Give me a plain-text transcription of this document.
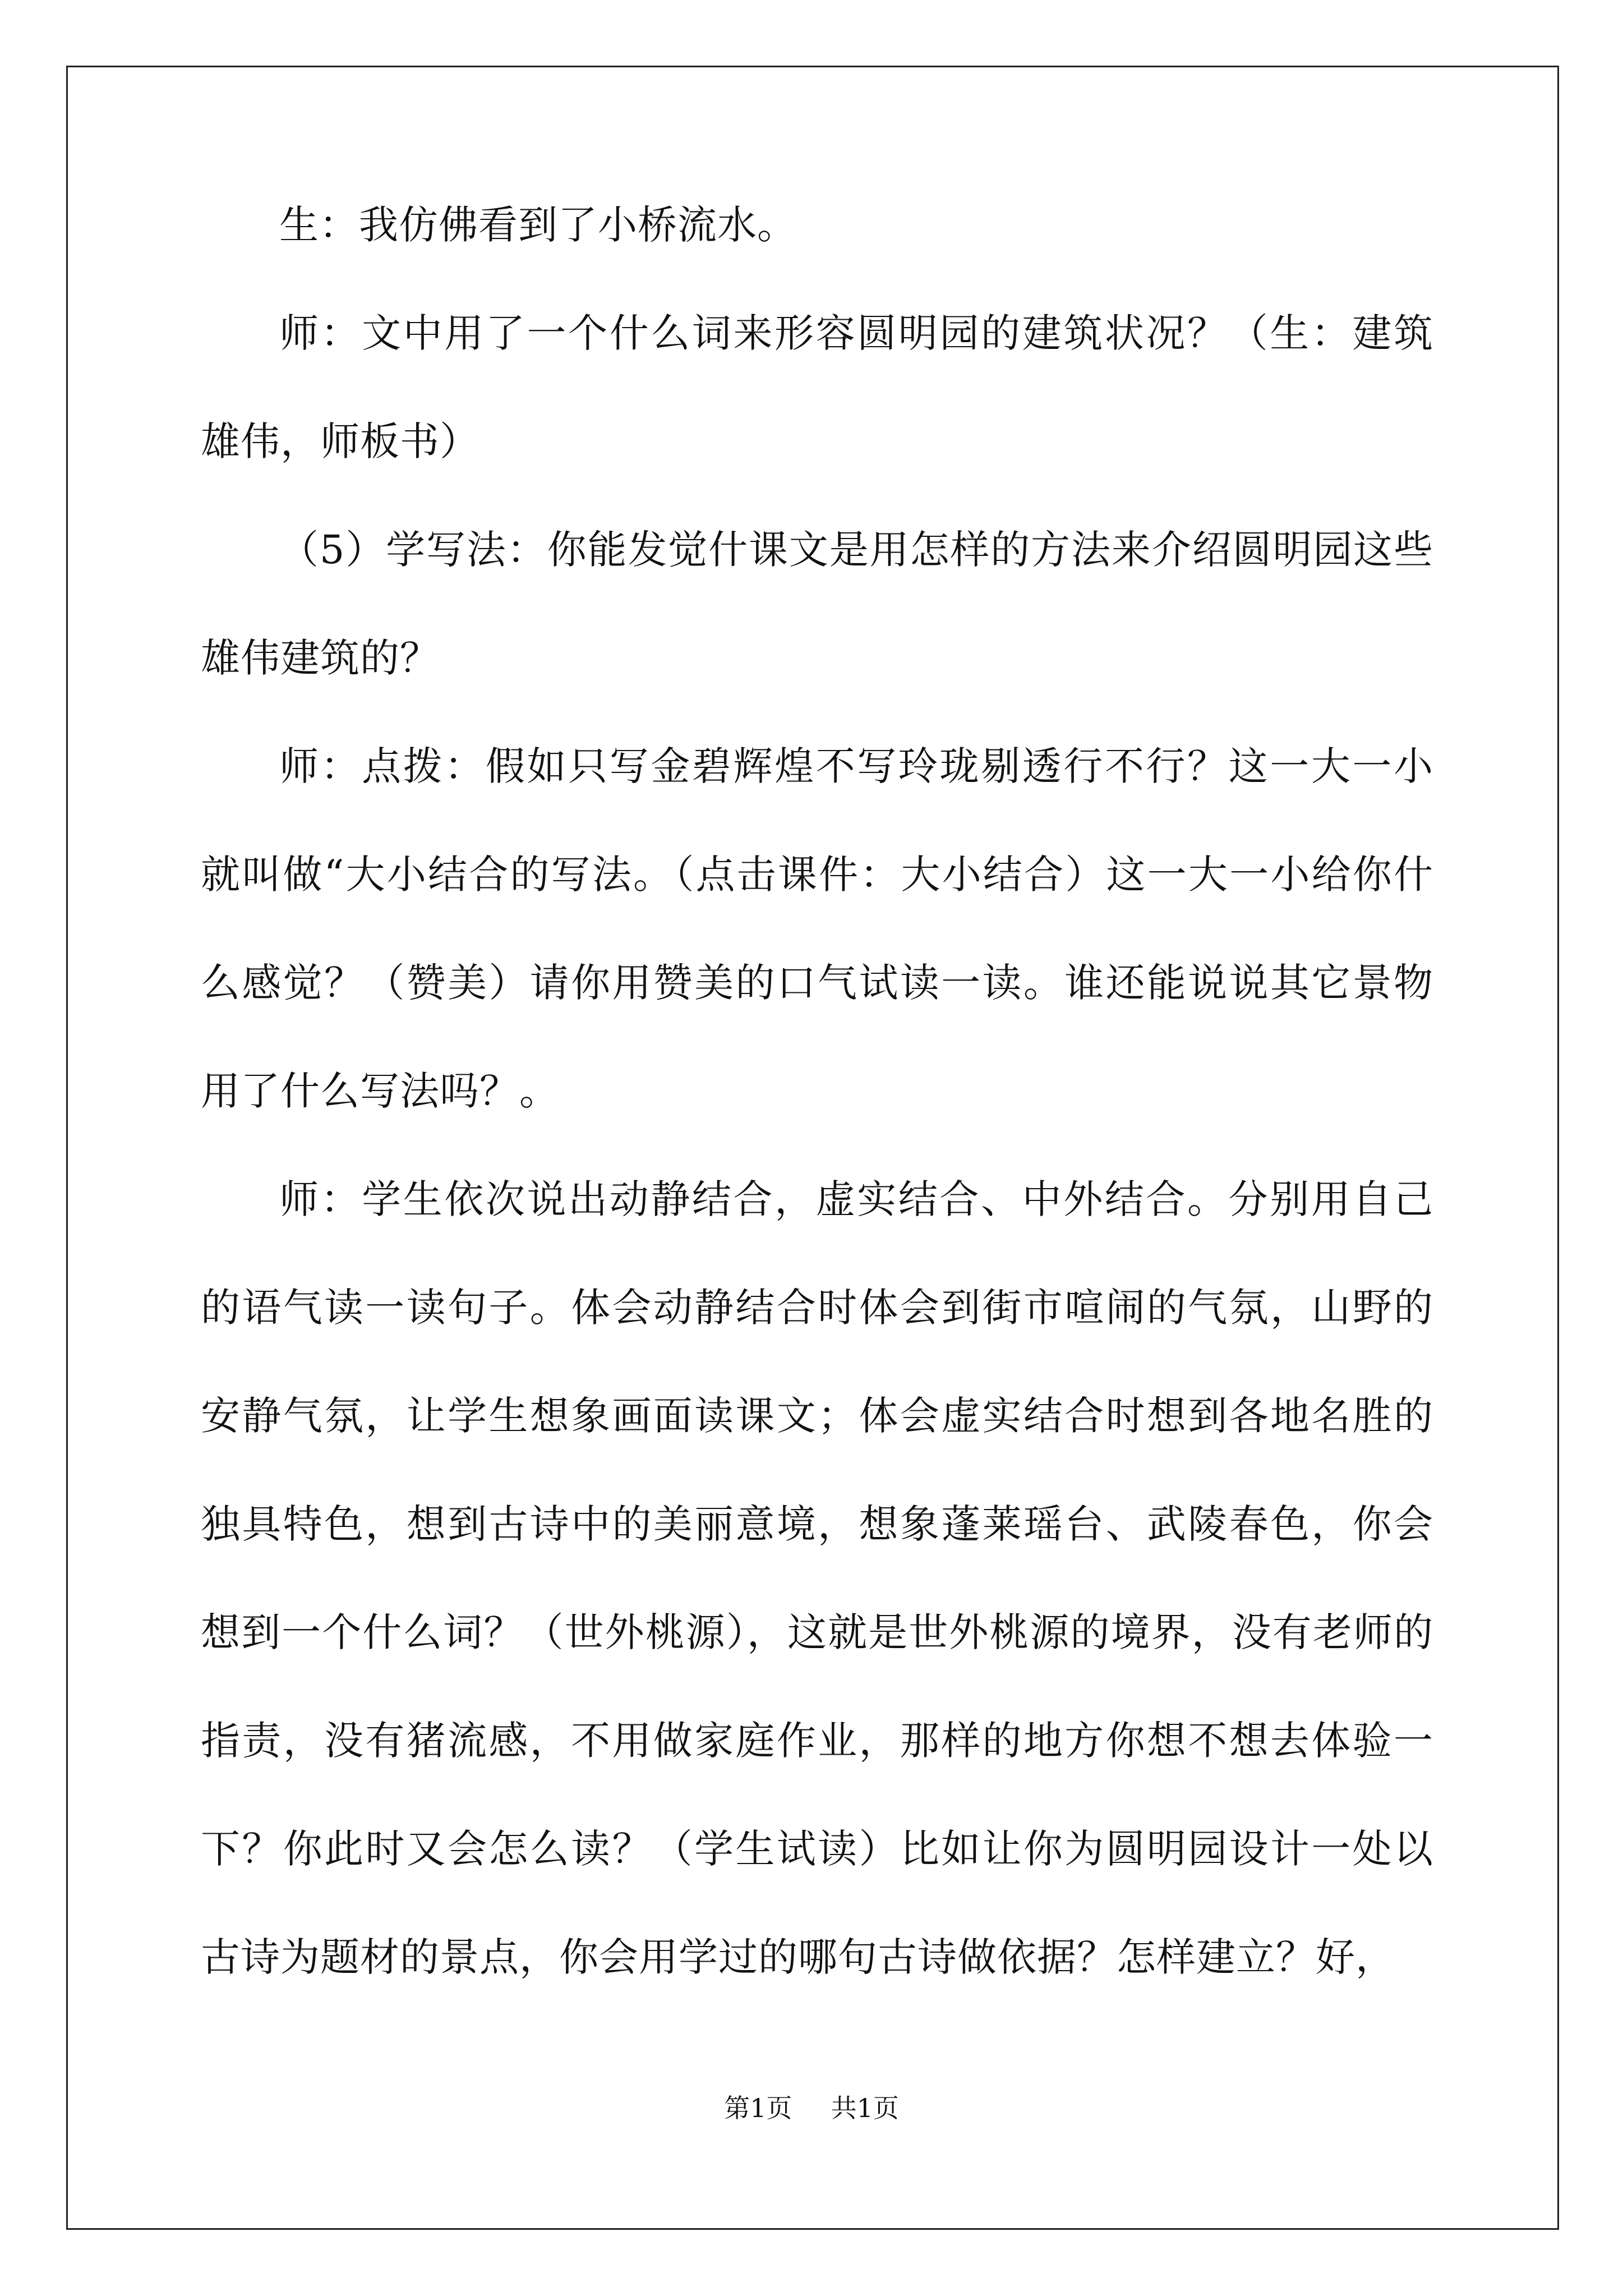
生：我仿佛看到了小桥流水。

师：文中用了一个什么词来形容圆明园的建筑状况？（生：建筑雄伟，师板书）

（5）学写法：你能发觉什课文是用怎样的方法来介绍圆明园这些雄伟建筑的？

师：点拨：假如只写金碧辉煌不写玲珑剔透行不行？这一大一小就叫做“大小结合的写法。（点击课件：大小结合）这一大一小给你什么感觉？（赞美）请你用赞美的口气试读一读。谁还能说说其它景物用了什么写法吗？。

师：学生依次说出动静结合，虚实结合、中外结合。分别用自己的语气读一读句子。体会动静结合时体会到街市喧闹的气氛，山野的安静气氛，让学生想象画面读课文；体会虚实结合时想到各地名胜的独具特色，想到古诗中的美丽意境，想象蓬莱瑶台、武陵春色，你会想到一个什么词？（世外桃源），这就是世外桃源的境界，没有老师的指责，没有猪流感，不用做家庭作业，那样的地方你想不想去体验一下？你此时又会怎么读？（学生试读）比如让你为圆明园设计一处以古诗为题材的景点，你会用学过的哪句古诗做依据？怎样建立？好，

第1页 共1页
